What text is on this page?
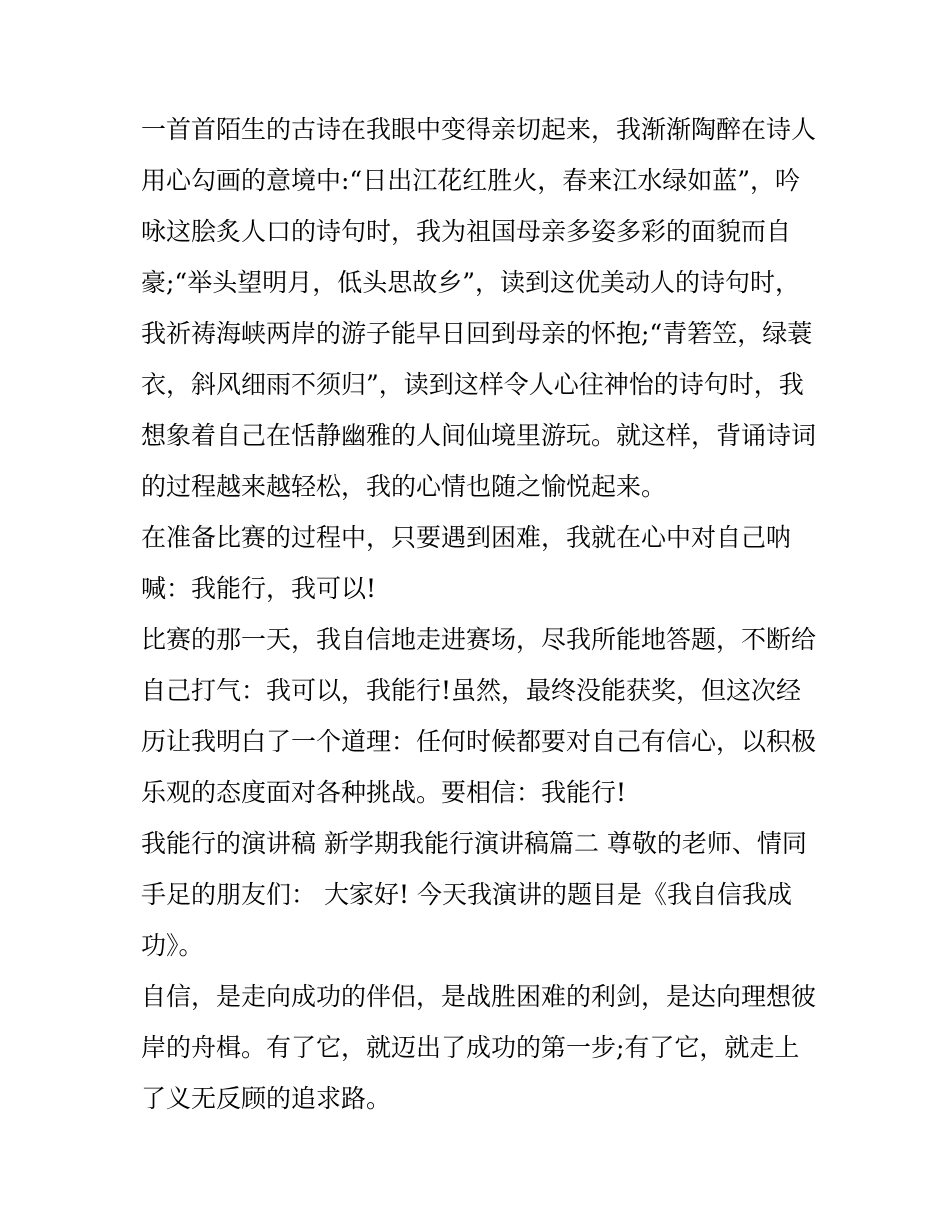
一首首陌生的古诗在我眼中变得亲切起来，我渐渐陶醉在诗人
用心勾画的意境中:“日出江花红胜火，春来江水绿如蓝”，吟
咏这脍炙人口的诗句时，我为祖国母亲多姿多彩的面貌而自
豪;“举头望明月，低头思故乡”，读到这优美动人的诗句时，
我祈祷海峡两岸的游子能早日回到母亲的怀抱;“青箬笠，绿蓑
衣，斜风细雨不须归”，读到这样令人心往神怡的诗句时，我
想象着自己在恬静幽雅的人间仙境里游玩。就这样，背诵诗词
的过程越来越轻松，我的心情也随之愉悦起来。
在准备比赛的过程中，只要遇到困难，我就在心中对自己呐
喊：我能行，我可以!
比赛的那一天，我自信地走进赛场，尽我所能地答题，不断给
自己打气：我可以，我能行!虽然，最终没能获奖，但这次经
历让我明白了一个道理：任何时候都要对自己有信心，以积极
乐观的态度面对各种挑战。要相信：我能行!
我能行的演讲稿 新学期我能行演讲稿篇二 尊敬的老师、情同
手足的朋友们： 大家好! 今天我演讲的题目是《我自信我成
功》。
自信，是走向成功的伴侣，是战胜困难的利剑，是达向理想彼
岸的舟楫。有了它，就迈出了成功的第一步;有了它，就走上
了义无反顾的追求路。
